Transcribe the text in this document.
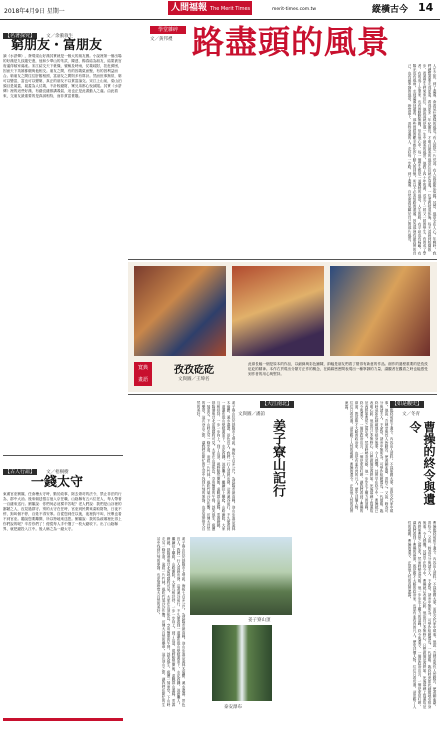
2018年4月9日 星期一	人間福報 The Merit Times	merit-times.com.tw	縱橫古今 14
【名著探究】 文／余衝敘生
窮朋友・富朋友
讀《水滸傳》，發現梁山好漢其實就是一個大的朋友圈。小說裡第一個出場的好漢是九紋龍史進，他和少華山的朱武、陳達、楊春結為朋友，結果被官府逼得傾家蕩產。宋江結交天下豪傑，號稱及時雨，仗義疏財，扶危濟困，因而天下英雄都願與他相交。朋友之間，有的因義氣而聚，有的因利益而合。窮朋友之間往往肝膽相照，富朋友之間則多有算計。然而世事無常，窮可以變富，富也可以變窮，真正的朋友不以貧富論交。宋江上山前，梁山泊頭目是晁蓋，晁蓋為人仗義，不計較錢財，眾兄弟都心悅誠服。其實《水滸傳》裡的這些好漢，有錢沒錢都講義氣，這也正是此書動人之處。由此看來，交朋友最重要的是真誠相待，而非貧富貴賤。
【古人行誼】 文／梧桐樹
一錢太守
東漢官吏劉寵，任會稽太守時，勤於政事，除去煩苛的法令，禁止非法的行為，郡中大治。後來朝廷徵召他入京任職，山陰縣有五六位老人，每人帶著一百錢來送行。劉寵說：你們何必這樣辛苦呢？老人們說：我們是山谷裡的鄙陋之人，沒見過郡守。別的太守在任時，官吏到民間來索取財物，日夜不停，狗叫個不停，百姓不得安寧。自從您到任以後，夜裡狗不叫，民眾也看不到官吏。聽說您要離開，所以特地來送您。劉寵說：我的為政哪裡比得上你們說的呢？辛苦你們了！便從每人手中選了一枚大錢收下。出了山陰縣界，就把錢投入江中。後人稱之為一錢太守。
學堂雜碎
文／黃邦禮 路盡頭的風景
人生之旅，到了盡頭，會看見什麼樣的風景？有人說是一片荒涼，有人說是繁花似錦。其實，風景全在人心。年輕時，我們總想著要走得更遠，看得更多；年紀漸長，才明白最美的風景往往就在身邊。一位老教授退休後，每天清晨到校園散步，看著學生們來來往往，他說這就是他一生中最美的風景。他教了四十年的書，送走了一屆又一屆的學生，有的成了學者，有的成了企業家，也有的默默無聞。但在他心中，每一個學生都是一道獨特的風景。人生的路，有平坦也有崎嶇，有陽光也有風雨。走到盡頭回頭看，那些曾經的艱辛都化作了動人的回憶。所以不必害怕路的盡頭，因為那裡有最真實的自己，也有最寧靜的風景。珍惜當下，善待身邊的人，走好每一步路，到了盡頭，自然會看見屬於自己的那片風景。
寬典畫語
孜孜矻矻
文與圖／王瑋名
此兩長幅一個是原本的作品，以細線與彩色鋪陳，兩幅是朋友們看了覺得有新意的作品。創作的過程重要的是孜孜矻矻的精神。本作右頁現出分類方正作的概念，在綿綿密密間表現出一種寧靜的力量，讓觀者在觀看之時也能感受到作者的用心與堅持。
【大江南北】
文與圖／潘誼
姜子寮山記行
姜子寮山位於基隆市七堵區，海拔七百多公尺，為基隆市最高峰。登山步道沿途林木蓊鬱，溪水潺潺，景色宜人。我們一行人清晨出發，沿著溪谷前行，不久便看到一道瀑布從山壁傾瀉而下，水花四濺，涼意襲人。繼續往上攀爬，山路漸陡，大家互相扶持，一步一步向上。到了山頂，視野豁然開朗，遠眺群山連綿，雲霧繚繞，基隆港與台北盆地隱約可見。大家在山頂休息，享用簡單的午餐，談笑風生，疲憊一掃而空。下山時走另一條步道，途經一片竹林，風吹竹葉沙沙作響，彷彿大自然的樂章。這次登山之旅，讓我們在繁忙的生活中找到片刻的寧靜，也更加珍惜大自然的美好。
姜子寮山位於基隆市七堵區，海拔七百多公尺，為基隆市最高峰。登山步道沿途林木蓊鬱，溪水潺潺，景色宜人。我們一行人清晨出發，沿著溪谷前行，不久便看到一道瀑布從山壁傾瀉而下，水花四濺，涼意襲人。繼續往上攀爬，山路漸陡，大家互相扶持，一步一步向上。到了山頂，視野豁然開朗，遠眺群山連綿，雲霧繚繞，基隆港與台北盆地隱約可見。大家在山頂休息，享用簡單的午餐，談笑風生，疲憊一掃而空。下山時走另一條步道，途經一片竹林，風吹竹葉沙沙作響，彷彿大自然的樂章。這次登山之旅，讓我們在繁忙的生活中找到片刻的寧靜，也更加珍惜大自然的美好。
姜子寮山頂
泰安瀑布
【如是觀史】
文／冬青
曹操的終令與遺令
曹操臨終前留下遺令，內容出人意料，不談軍國大事，而是交代家中瑣事。他說：吾婢妾與伎人皆勤苦，使著銅雀臺，善待之。又說：餘香可分與諸夫人，不命祭。諸舍中無所為，可學作組履賣也。一代梟雄，臨終時竟如此細緻地安排身後事，令人感慨。其實早在終令中，曹操就已表明心跡，他說自己本無野心，只想做個征西將軍，死後墓碑上寫漢故征西將軍曹侯之墓足矣。然而時勢造英雄，他一步步走上權力的頂峰。終令與遺令，一個是政治宣言，一個是家常叮嚀，讓我們看到了曹操的兩面，既是雄才大略的政治家，也是有血有肉的凡人。歷史評價人物，往往只看功過，卻忽略了人性的複雜。曹操的遺令，正是他人性的真實流露。
曹操臨終前留下遺令，內容出人意料，不談軍國大事，而是交代家中瑣事。他說：吾婢妾與伎人皆勤苦，使著銅雀臺，善待之。又說：餘香可分與諸夫人，不命祭。諸舍中無所為，可學作組履賣也。一代梟雄，臨終時竟如此細緻地安排身後事，令人感慨。其實早在終令中，曹操就已表明心跡，他說自己本無野心，只想做個征西將軍，死後墓碑上寫漢故征西將軍曹侯之墓足矣。然而時勢造英雄，他一步步走上權力的頂峰。終令與遺令，一個是政治宣言，一個是家常叮嚀，讓我們看到了曹操的兩面，既是雄才大略的政治家，也是有血有肉的凡人。歷史評價人物，往往只看功過，卻忽略了人性的複雜。曹操的遺令，正是他人性的真實流露。
